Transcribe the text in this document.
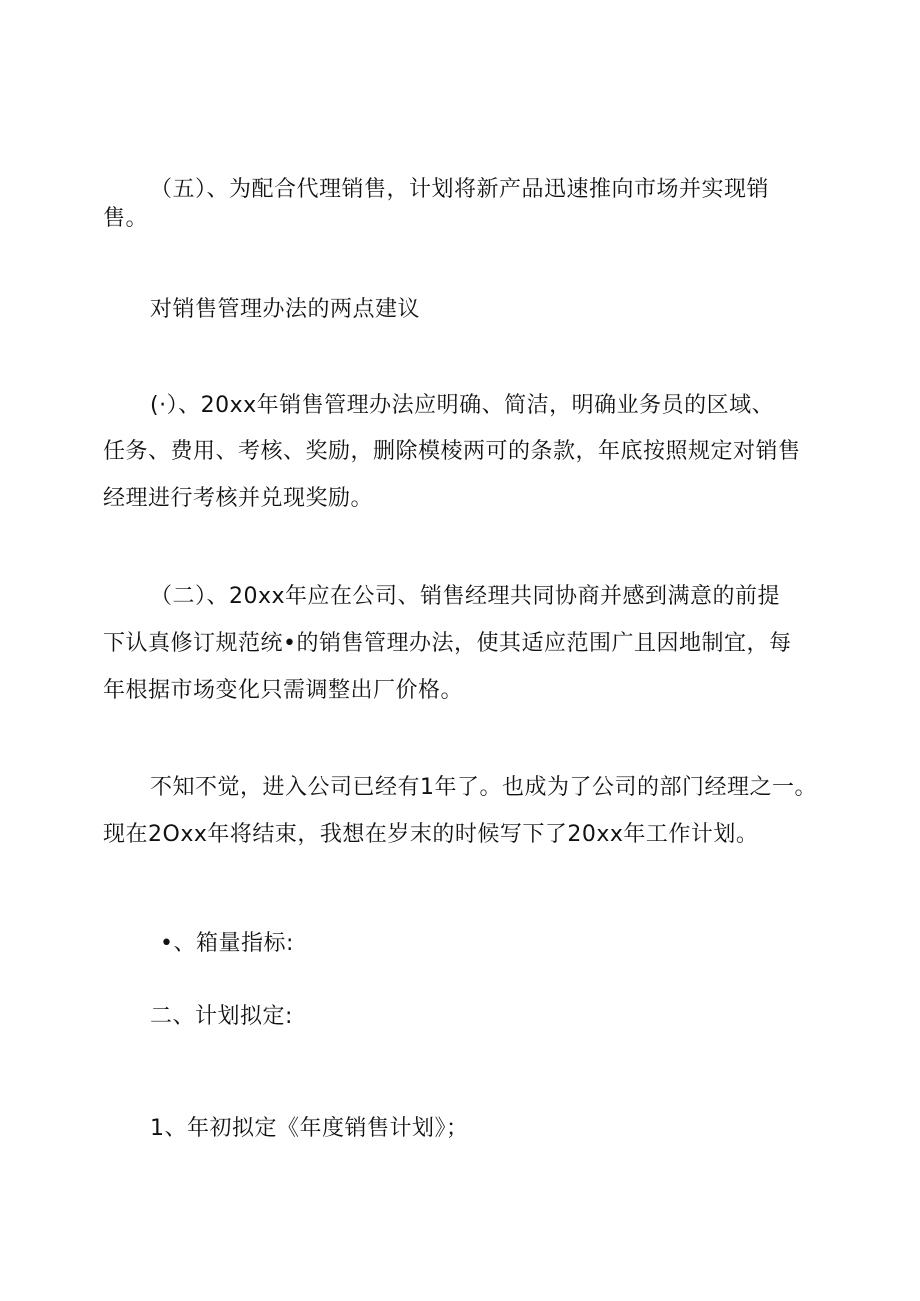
（五）、为配合代理销售，计划将新产品迅速推向市场并实现销
售。
对销售管理办法的两点建议
(·）、20xx年销售管理办法应明确、简洁，明确业务员的区域、
任务、费用、考核、奖励，删除模棱两可的条款，年底按照规定对销售
经理进行考核并兑现奖励。
（二）、20xx年应在公司、销售经理共同协商并感到满意的前提
下认真修订规范统•的销售管理办法，使其适应范围广且因地制宜，每
年根据市场变化只需调整出厂价格。
不知不觉，进入公司已经有1年了。也成为了公司的部门经理之一。
现在2Oxx年将结束，我想在岁末的时候写下了20xx年工作计划。
•、箱量指标:
二、计划拟定:
1、年初拟定《年度销售计划》；
